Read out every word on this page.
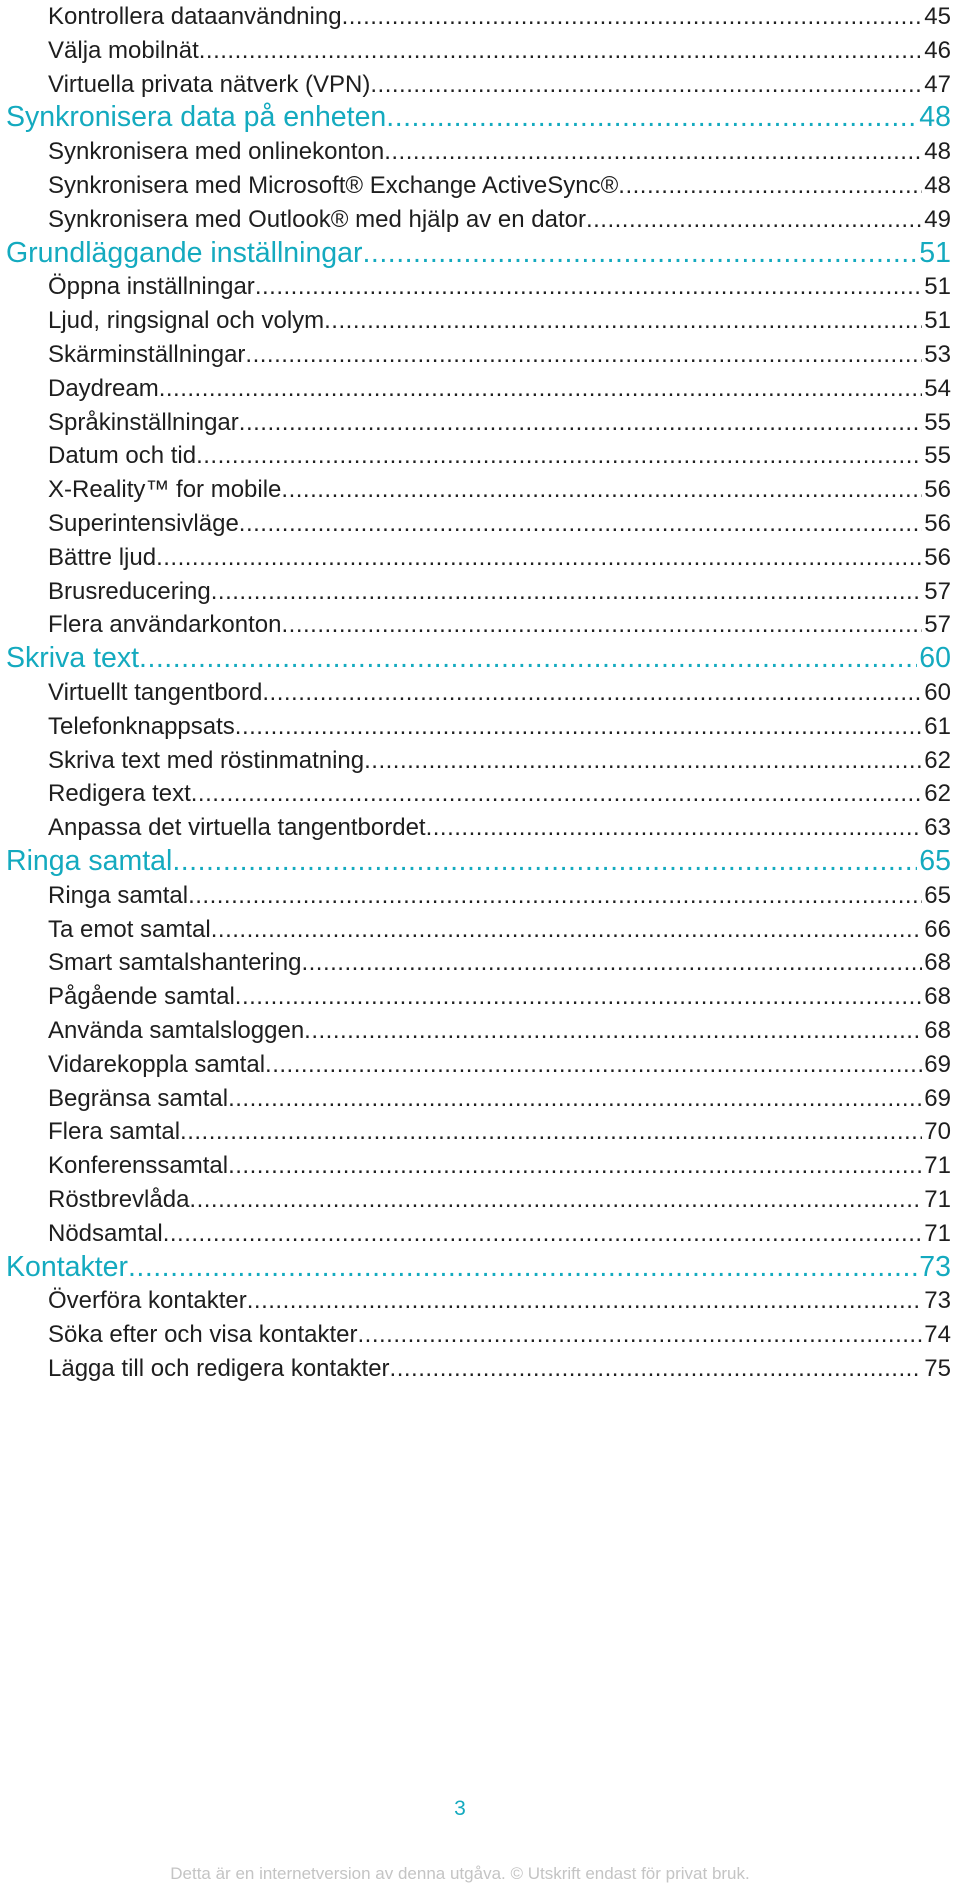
Kontrollera dataanvändning .....	45
Välja mobilnät .....	46
Virtuella privata nätverk (VPN) .....	47
Synkronisera data på enheten .....	48
Synkronisera med onlinekonton .....	48
Synkronisera med Microsoft® Exchange ActiveSync® .....	48
Synkronisera med Outlook® med hjälp av en dator .....	49
Grundläggande inställningar .....	51
Öppna inställningar .....	51
Ljud, ringsignal och volym .....	51
Skärminställningar .....	53
Daydream .....	54
Språkinställningar .....	55
Datum och tid .....	55
X-Reality™ for mobile .....	56
Superintensivläge .....	56
Bättre ljud .....	56
Brusreducering .....	57
Flera användarkonton .....	57
Skriva text .....	60
Virtuellt tangentbord .....	60
Telefonknappsats .....	61
Skriva text med röstinmatning .....	62
Redigera text .....	62
Anpassa det virtuella tangentbordet .....	63
Ringa samtal .....	65
Ringa samtal .....	65
Ta emot samtal .....	66
Smart samtalshantering .....	68
Pågående samtal .....	68
Använda samtalsloggen .....	68
Vidarekoppla samtal .....	69
Begränsa samtal .....	69
Flera samtal .....	70
Konferenssamtal .....	71
Röstbrevlåda .....	71
Nödsamtal .....	71
Kontakter .....	73
Överföra kontakter .....	73
Söka efter och visa kontakter .....	74
Lägga till och redigera kontakter .....	75
3
Detta är en internetversion av denna utgåva. © Utskrift endast för privat bruk.
